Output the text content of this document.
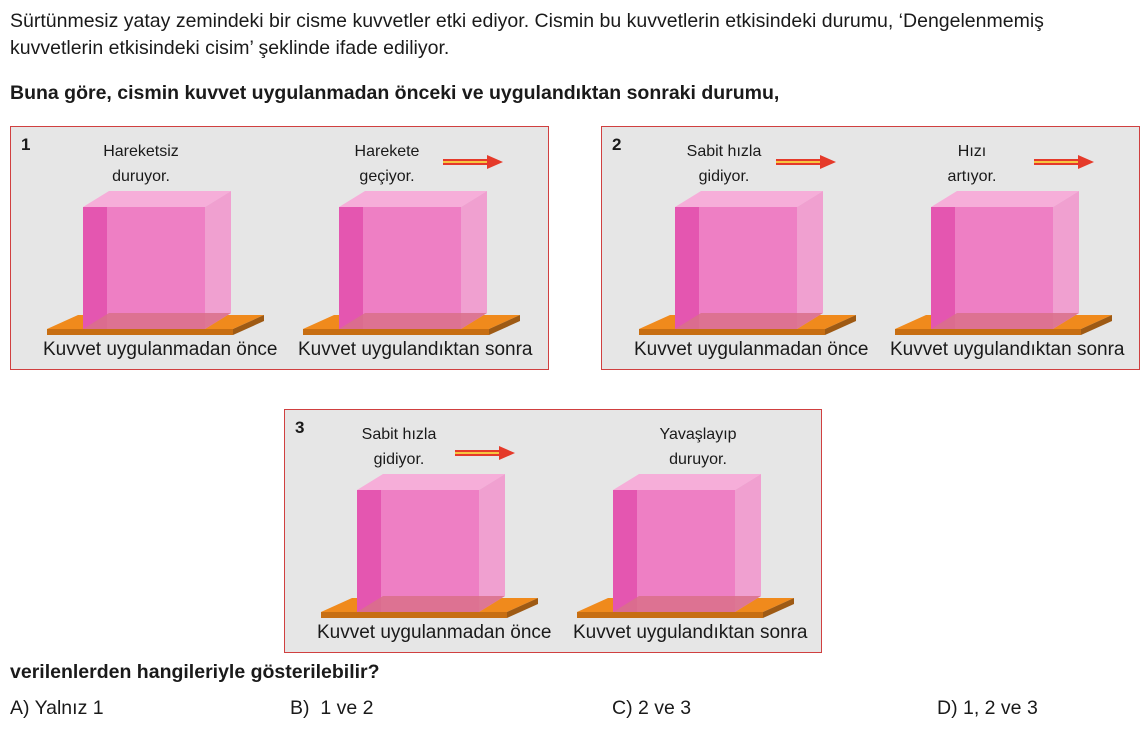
Sürtünmesiz yatay zemindeki bir cisme kuvvetler etki ediyor. Cismin bu kuvvetlerin etkisindeki durumu, ‘Dengelenmemiş kuvvetlerin etkisindeki cisim’ şeklinde ifade ediliyor.
Buna göre, cismin kuvvet uygulanmadan önceki ve uygulandıktan sonraki durumu,
1	Hareketsiz
duruyor.
Harekete
geçiyor.
Kuvvet uygulanmadan önce Kuvvet uygulandıktan sonra
2	Sabit hızla
gidiyor.
Hızı
artıyor.
Kuvvet uygulanmadan önce Kuvvet uygulandıktan sonra
3	Sabit hızla
gidiyor.
Yavaşlayıp
duruyor.
Kuvvet uygulanmadan önce Kuvvet uygulandıktan sonra
verilenlerden hangileriyle gösterilebilir?
A) Yalnız 1	B)  1 ve 2	C) 2 ve 3	D) 1, 2 ve 3
